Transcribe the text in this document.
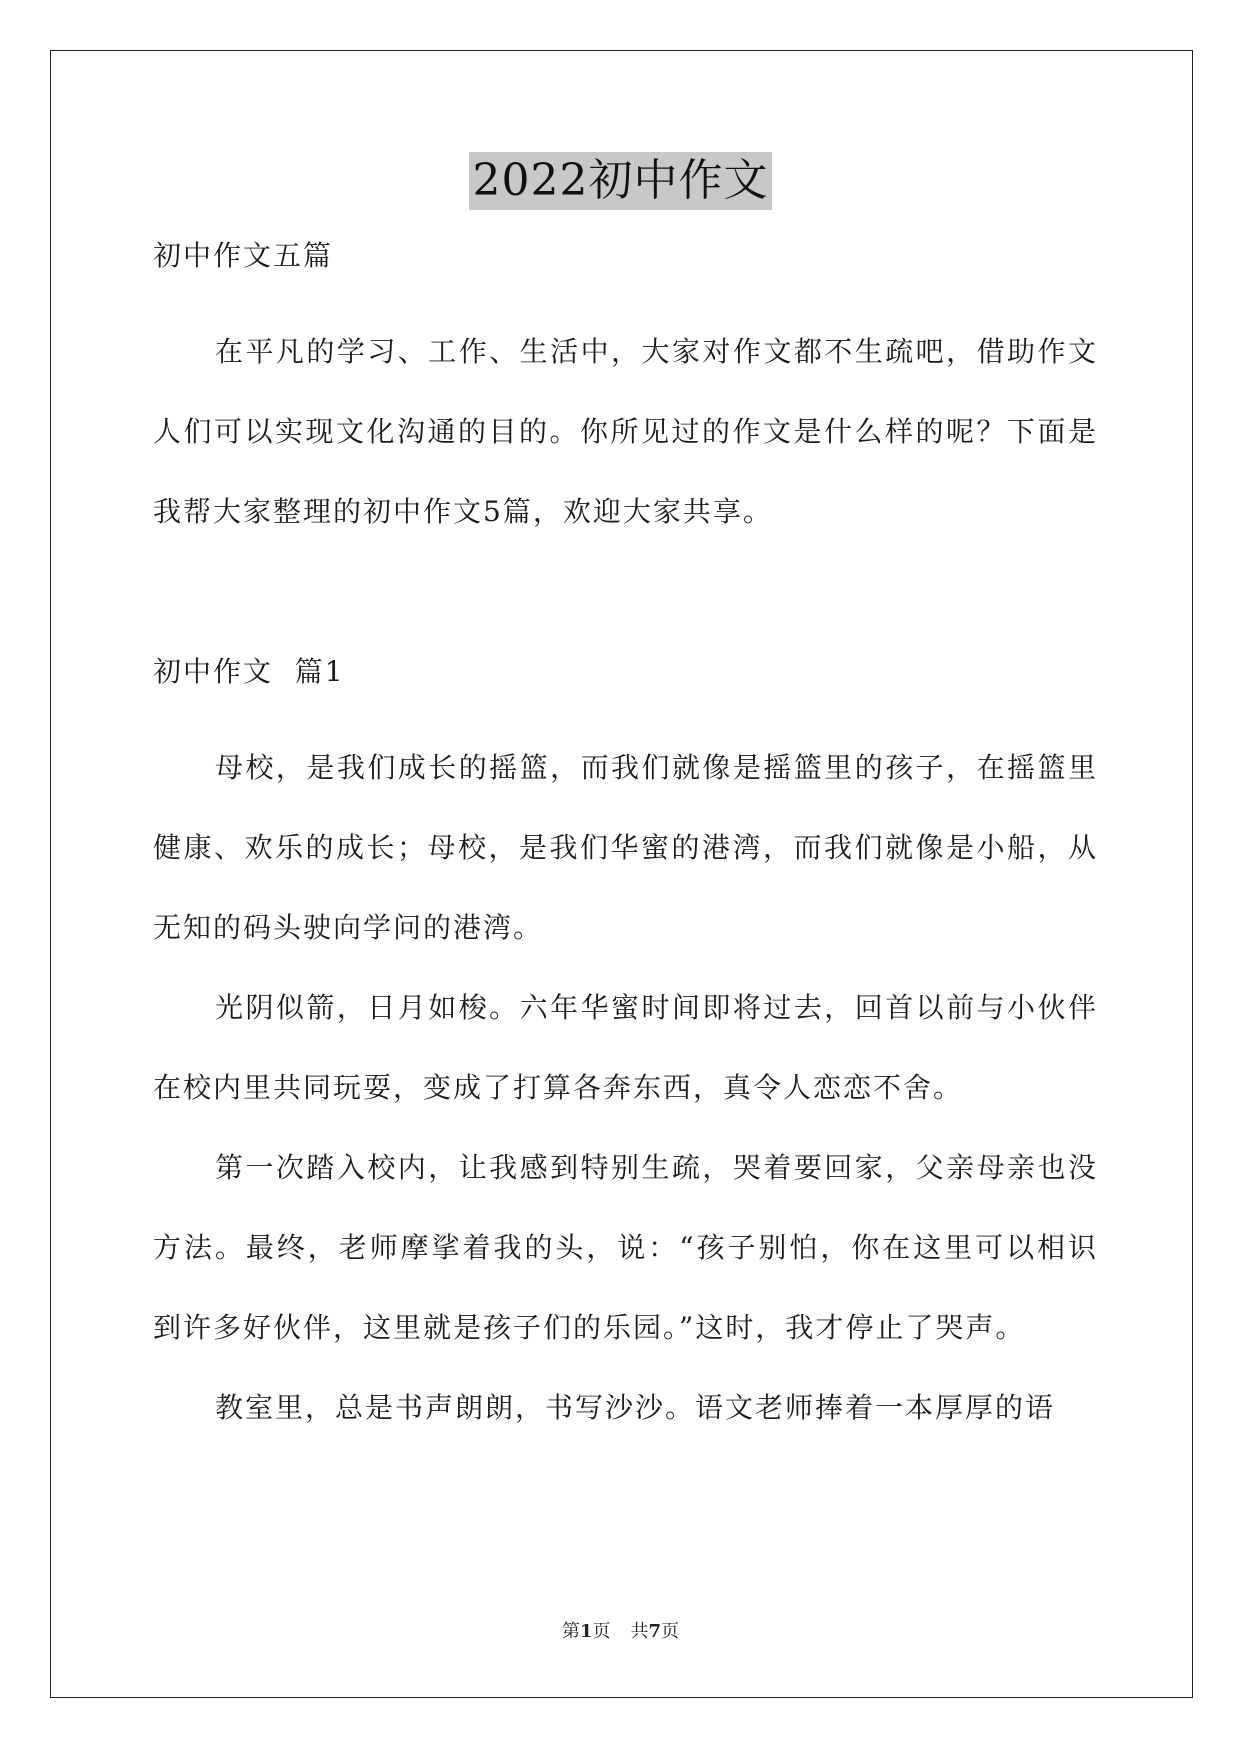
2022初中作文

初中作文五篇

在平凡的学习、工作、生活中，大家对作文都不生疏吧，借助作文人们可以实现文化沟通的目的。你所见过的作文是什么样的呢？下面是我帮大家整理的初中作文5篇，欢迎大家共享。

初中作文  篇1

母校，是我们成长的摇篮，而我们就像是摇篮里的孩子，在摇篮里健康、欢乐的成长；母校，是我们华蜜的港湾，而我们就像是小船，从无知的码头驶向学问的港湾。

光阴似箭，日月如梭。六年华蜜时间即将过去，回首以前与小伙伴在校内里共同玩耍，变成了打算各奔东西，真令人恋恋不舍。

第一次踏入校内，让我感到特别生疏，哭着要回家，父亲母亲也没方法。最终，老师摩挲着我的头，说：“孩子别怕，你在这里可以相识到许多好伙伴，这里就是孩子们的乐园。”这时，我才停止了哭声。

教室里，总是书声朗朗，书写沙沙。语文老师捧着一本厚厚的语

第1页 共7页
